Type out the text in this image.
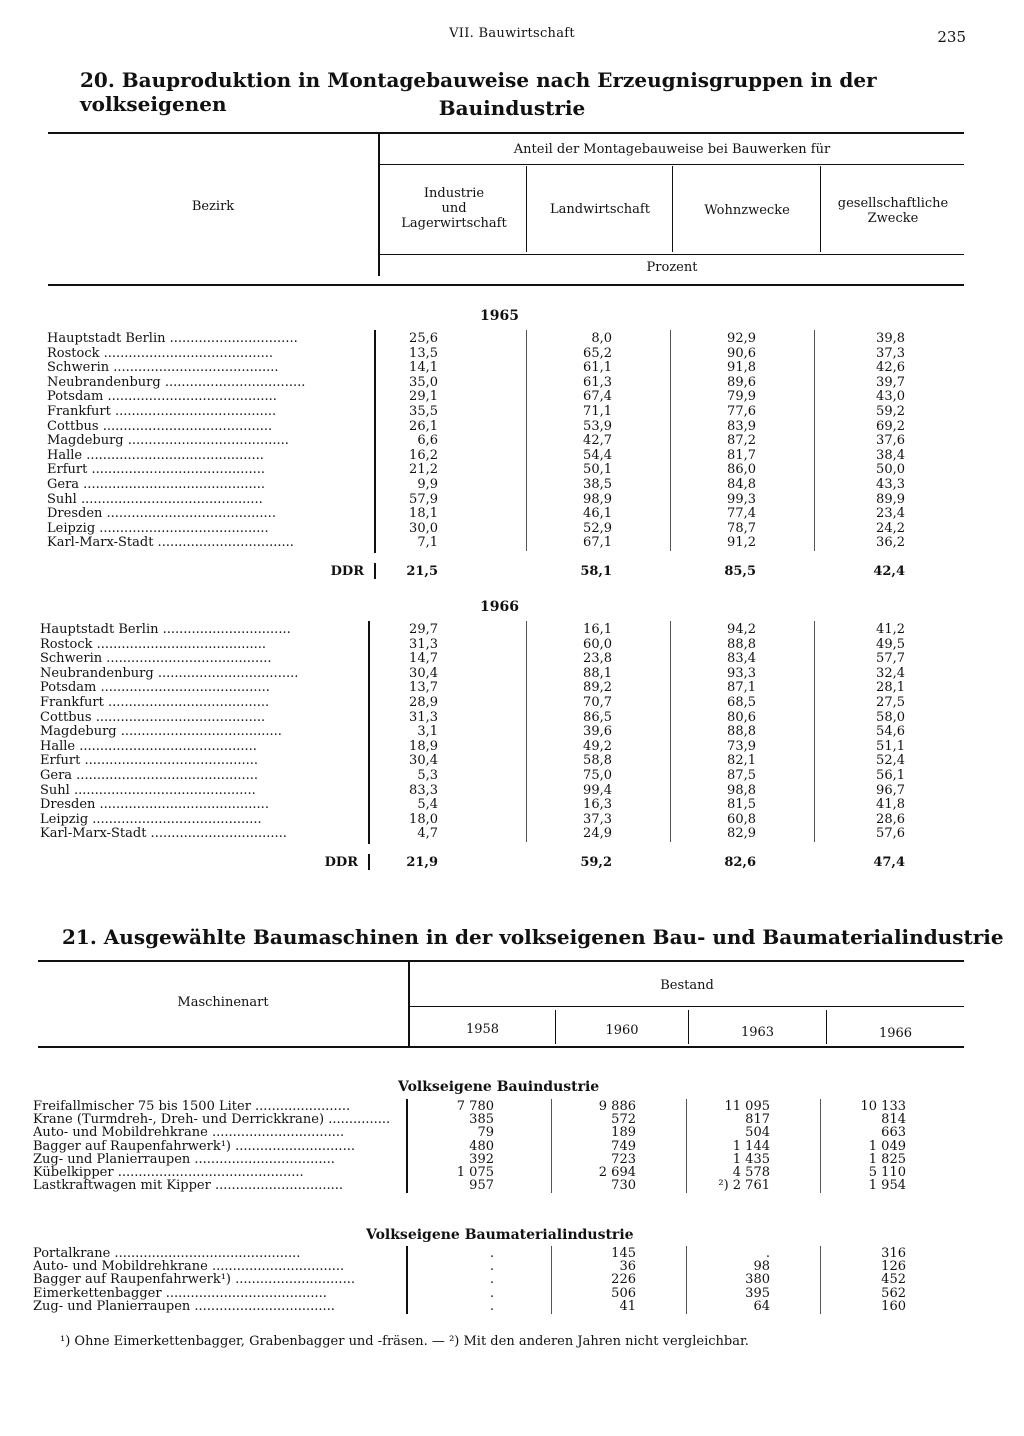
VII. Bauwirtschaft	235
20. Bauproduktion in Montagebauweise nach Erzeugnisgruppen in der volkseigenen	Bauindustrie
Bezirk
Anteil der Montagebauweise bei Bauwerken für
Industrie
und
Lagerwirtschaft
Landwirtschaft	Wohnzwecke	gesellschaftliche
Zwecke
Prozent
1965
Hauptstadt Berlin ...............................	25,6	8,0	92,9	39,8
Rostock .........................................	13,5	65,2	90,6	37,3
Schwerin ........................................	14,1	61,1	91,8	42,6
Neubrandenburg ..................................	35,0	61,3	89,6	39,7
Potsdam .........................................	29,1	67,4	79,9	43,0
Frankfurt .......................................	35,5	71,1	77,6	59,2
Cottbus .........................................	26,1	53,9	83,9	69,2
Magdeburg .......................................	6,6	42,7	87,2	37,6
Halle ...........................................	16,2	54,4	81,7	38,4
Erfurt ..........................................	21,2	50,1	86,0	50,0
Gera ............................................	9,9	38,5	84,8	43,3
Suhl ............................................	57,9	98,9	99,3	89,9
Dresden .........................................	18,1	46,1	77,4	23,4
Leipzig .........................................	30,0	52,9	78,7	24,2
Karl-Marx-Stadt .................................	7,1	67,1	91,2	36,2
DDR	21,5	58,1	85,5	42,4
1966
Hauptstadt Berlin ...............................	29,7	16,1	94,2	41,2
Rostock .........................................	31,3	60,0	88,8	49,5
Schwerin ........................................	14,7	23,8	83,4	57,7
Neubrandenburg ..................................	30,4	88,1	93,3	32,4
Potsdam .........................................	13,7	89,2	87,1	28,1
Frankfurt .......................................	28,9	70,7	68,5	27,5
Cottbus .........................................	31,3	86,5	80,6	58,0
Magdeburg .......................................	3,1	39,6	88,8	54,6
Halle ...........................................	18,9	49,2	73,9	51,1
Erfurt ..........................................	30,4	58,8	82,1	52,4
Gera ............................................	5,3	75,0	87,5	56,1
Suhl ............................................	83,3	99,4	98,8	96,7
Dresden .........................................	5,4	16,3	81,5	41,8
Leipzig .........................................	18,0	37,3	60,8	28,6
Karl-Marx-Stadt .................................	4,7	24,9	82,9	57,6
DDR	21,9	59,2	82,6	47,4
21. Ausgewählte Baumaschinen in der volkseigenen Bau- und Baumaterialindustrie
Maschinenart
Bestand
1958	1960	1963	1966
Volkseigene Bauindustrie
Freifallmischer 75 bis 1500 Liter .......................	7 780	9 886	11 095	10 133
Krane (Turmdreh-, Dreh- und Derrickkrane) ...............	385	572	817	814
Auto- und Mobildrehkrane ................................	79	189	504	663
Bagger auf Raupenfahrwerk¹) .............................	480	749	1 144	1 049
Zug- und Planierraupen ..................................	392	723	1 435	1 825
Kübelkipper .............................................	1 075	2 694	4 578	5 110
Lastkraftwagen mit Kipper ...............................	957	730	²) 2 761	1 954
Volkseigene Baumaterialindustrie
Portalkrane .............................................	.	145	.	316
Auto- und Mobildrehkrane ................................	.	36	98	126
Bagger auf Raupenfahrwerk¹) .............................	.	226	380	452
Eimerkettenbagger .......................................	.	506	395	562
Zug- und Planierraupen ..................................	.	41	64	160
¹) Ohne Eimerkettenbagger, Grabenbagger und -fräsen. — ²) Mit den anderen Jahren nicht vergleichbar.
